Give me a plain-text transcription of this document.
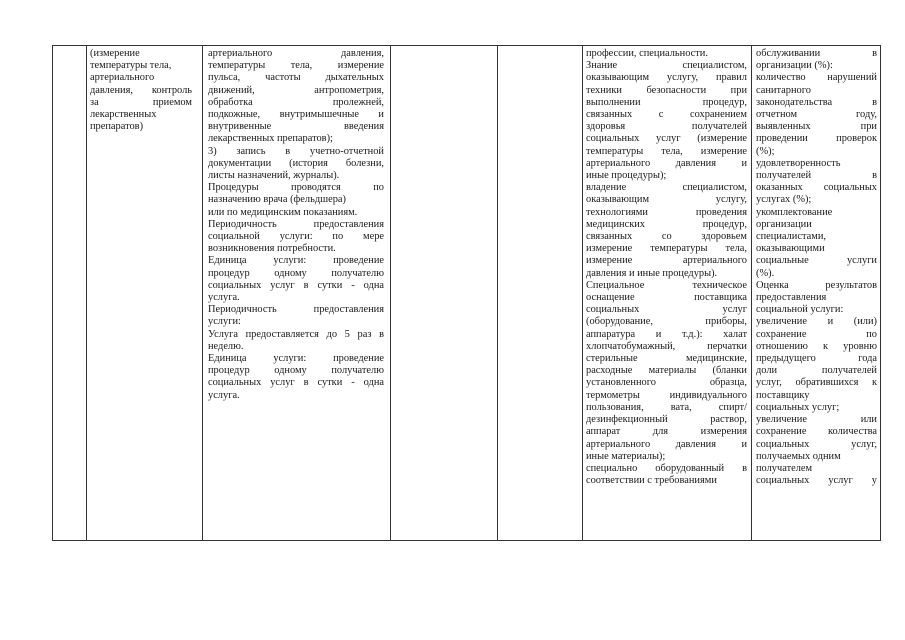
(измерение
температуры тела,
артериального
давления, контроль
за приемом
лекарственных
препаратов)
артериального давления,
температуры тела, измерение
пульса, частоты дыхательных
движений, антропометрия,
обработка пролежней,
подкожные, внутримышечные и
внутривенные введения
лекарственных препаратов);
3) запись в учетно-отчетной
документации (история болезни,
листы назначений, журналы).
Процедуры проводятся по
назначению врача (фельдшера)
или по медицинским показаниям.
Периодичность предоставления
социальной услуги: по мере
возникновения потребности.
Единица услуги: проведение
процедур одному получателю
социальных услуг в сутки - одна
услуга.
Периодичность предоставления
услуги:
Услуга предоставляется до 5 раз в
неделю.
Единица услуги: проведение
процедур одному получателю
социальных услуг в сутки - одна
услуга.
профессии, специальности.
Знание специалистом,
оказывающим услугу, правил
техники безопасности при
выполнении процедур,
связанных с сохранением
здоровья получателей
социальных услуг (измерение
температуры тела, измерение
артериального давления и
иные процедуры);
владение специалистом,
оказывающим услугу,
технологиями проведения
медицинских процедур,
связанных со здоровьем
измерение температуры тела,
измерение артериального
давления и иные процедуры).
Специальное техническое
оснащение поставщика
социальных услуг
(оборудование, приборы,
аппаратура и т.д.): халат
хлопчатобумажный, перчатки
стерильные медицинские,
расходные материалы (бланки
установленного образца,
термометры индивидуального
пользования, вата, спирт/
дезинфекционный раствор,
аппарат для измерения
артериального давления и
иные материалы);
специально оборудованный в
соответствии с требованиями
обслуживании в
организации (%):
количество нарушений
санитарного
законодательства в
отчетном году,
выявленных при
проведении проверок
(%);
удовлетворенность
получателей в
оказанных социальных
услугах (%);
укомплектование
организации
специалистами,
оказывающими
социальные услуги
(%).
Оценка результатов
предоставления
социальной услуги:
увеличение и (или)
сохранение по
отношению к уровню
предыдущего года
доли получателей
услуг, обратившихся к
поставщику
социальных услуг;
увеличение или
сохранение количества
социальных услуг,
получаемых одним
получателем
социальных услуг у
